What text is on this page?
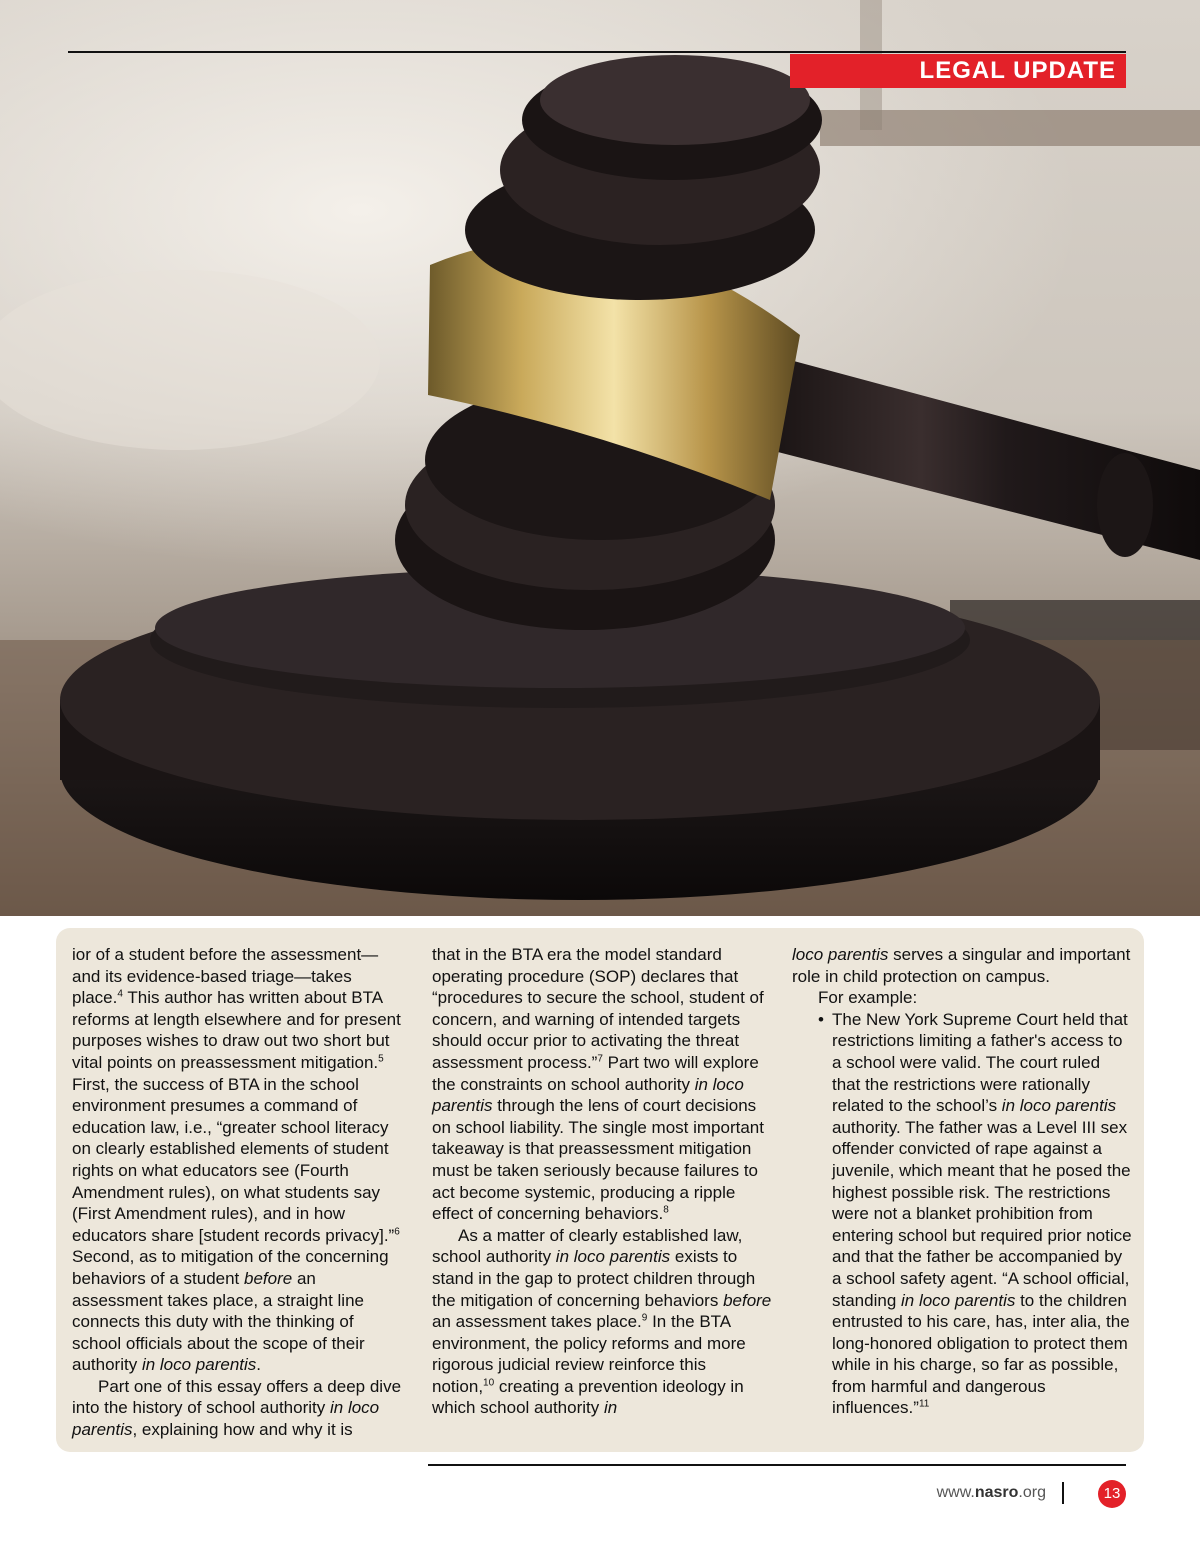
LEGAL UPDATE

ior of a student before the assessment—and its evidence-based triage—takes place.$^4$ This author has written about BTA reforms at length elsewhere and for present purposes wishes to draw out two short but vital points on preassessment mitigation.$^5$ First, the success of BTA in the school environment presumes a command of education law, i.e., “greater school literacy on clearly established elements of student rights on what educators see (Fourth Amendment rules), on what students say (First Amendment rules), and in how educators share [student records privacy].”$^6$ Second, as to mitigation of the concerning behaviors of a student before an assessment takes place, a straight line connects this duty with the thinking of school officials about the scope of their authority in loco parentis.

Part one of this essay offers a deep dive into the history of school authority in loco parentis, explaining how and why it is

that in the BTA era the model standard operating procedure (SOP) declares that “procedures to secure the school, student of concern, and warning of intended targets should occur prior to activating the threat assessment process.”$^7$ Part two will explore the constraints on school authority in loco parentis through the lens of court decisions on school liability. The single most important takeaway is that preassessment mitigation must be taken seriously because failures to act become systemic, producing a ripple effect of concerning behaviors.$^8$

As a matter of clearly established law, school authority in loco parentis exists to stand in the gap to protect children through the mitigation of concerning behaviors before an assessment takes place.$^9$ In the BTA environment, the policy reforms and more rigorous judicial review reinforce this notion,$^{10}$ creating a prevention ideology in which school authority in

loco parentis serves a singular and important role in child protection on campus.

For example:

• The New York Supreme Court held that restrictions limiting a father's access to a school were valid. The court ruled that the restrictions were rationally related to the school’s in loco parentis authority. The father was a Level III sex offender convicted of rape against a juvenile, which meant that he posed the highest possible risk. The restrictions were not a blanket prohibition from entering school but required prior notice and that the father be accompanied by a school safety agent. “A school official, standing in loco parentis to the children entrusted to his care, has, inter alia, the long-honored obligation to protect them while in his charge, so far as possible, from harmful and dangerous influences.”$^{11}$
www.nasro.org	13
